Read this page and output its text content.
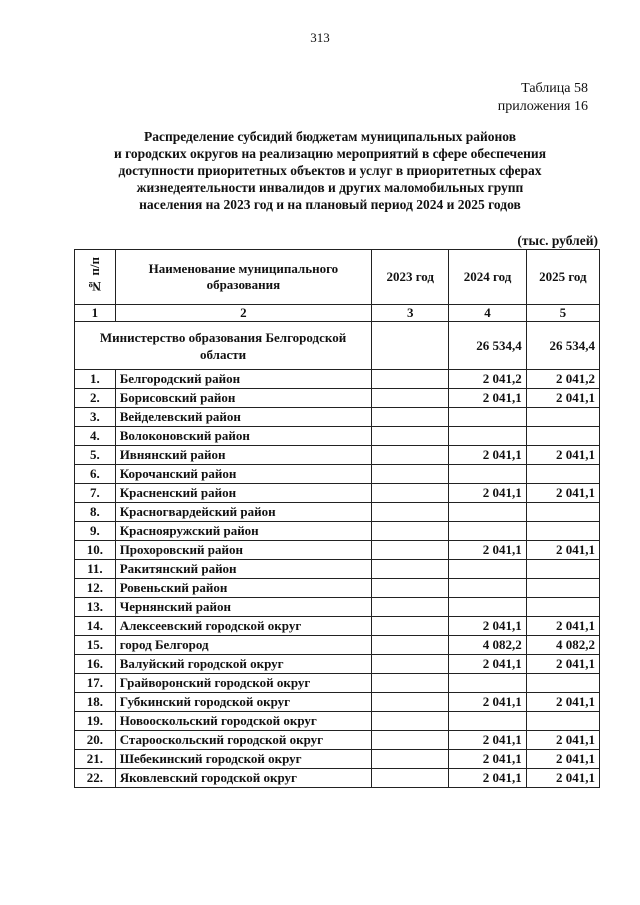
313
Таблица 58
приложения 16
Распределение субсидий бюджетам муниципальных районов
и городских округов на реализацию мероприятий в сфере обеспечения
доступности приоритетных объектов и услуг в приоритетных сферах
жизнедеятельности инвалидов и других маломобильных групп
населения на 2023 год и на плановый период 2024 и 2025 годов
(тыс. рублей)
№ п/п	Наименование муниципального образования	2023 год	2024 год	2025 год
1	2	3	4	5
Министерство образования Белгородской области			26 534,4	26 534,4
1.	Белгородский район		2 041,2	2 041,2
2.	Борисовский район		2 041,1	2 041,1
3.	Вейделевский район			
4.	Волоконовский район			
5.	Ивнянский район		2 041,1	2 041,1
6.	Корочанский район			
7.	Красненский район		2 041,1	2 041,1
8.	Красногвардейский район			
9.	Краснояружский район			
10.	Прохоровский район		2 041,1	2 041,1
11.	Ракитянский район			
12.	Ровеньский район			
13.	Чернянский район			
14.	Алексеевский городской округ		2 041,1	2 041,1
15.	город Белгород		4 082,2	4 082,2
16.	Валуйский городской округ		2 041,1	2 041,1
17.	Грайворонский городской округ			
18.	Губкинский городской округ		2 041,1	2 041,1
19.	Новооскольский городской округ			
20.	Старооскольский городской округ		2 041,1	2 041,1
21.	Шебекинский городской округ		2 041,1	2 041,1
22.	Яковлевский городской округ		2 041,1	2 041,1
